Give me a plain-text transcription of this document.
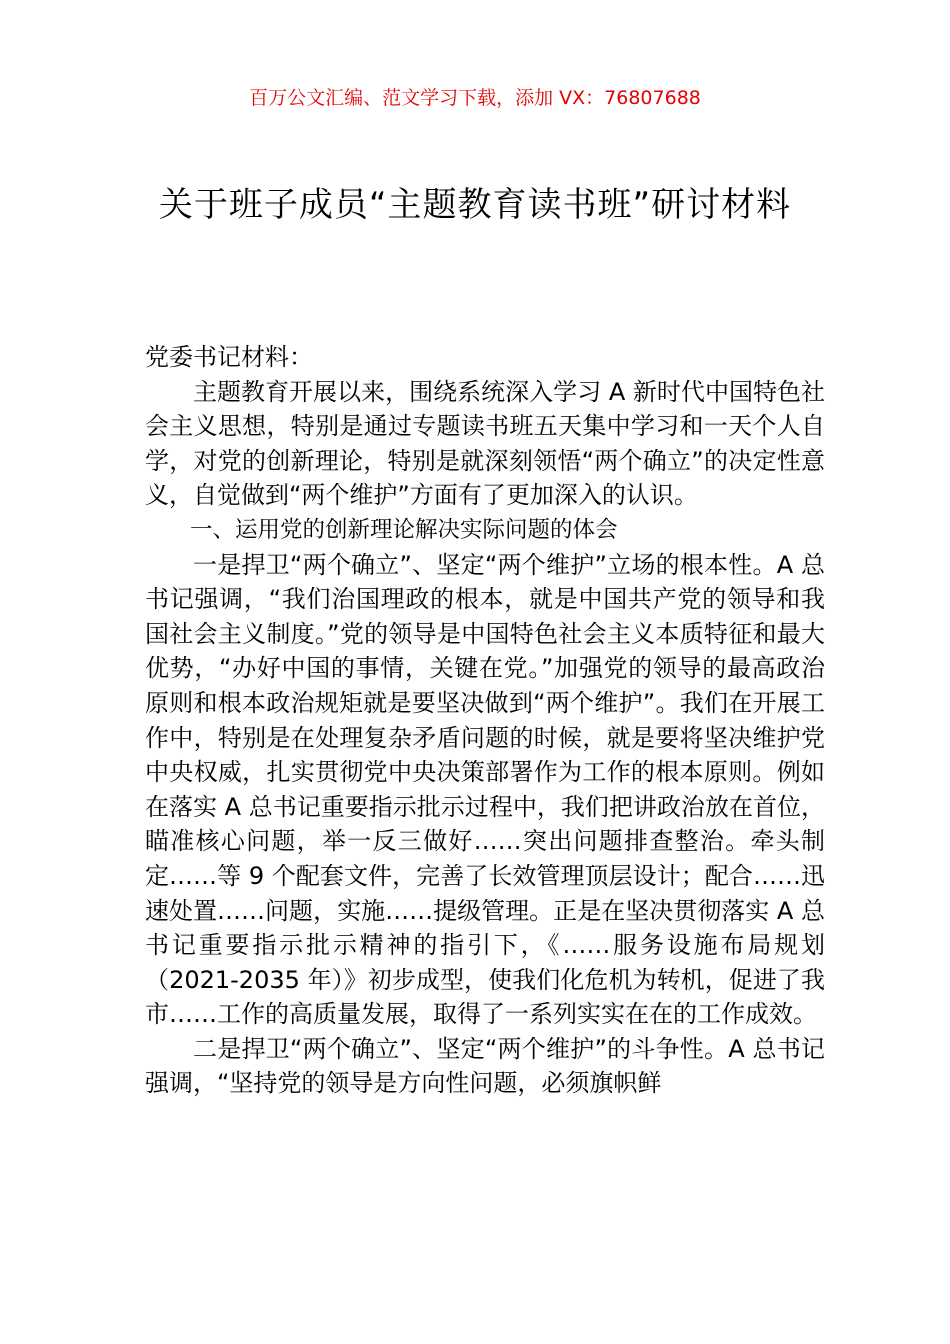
百万公文汇编、范文学习下载，添加 VX：76807688
关于班子成员“主题教育读书班”研讨材料

党委书记材料：

主题教育开展以来，围绕系统深入学习 A 新时代中国特色社会主义思想，特别是通过专题读书班五天集中学习和一天个人自学，对党的创新理论，特别是就深刻领悟“两个确立”的决定性意义，自觉做到“两个维护”方面有了更加深入的认识。

一、运用党的创新理论解决实际问题的体会

一是捍卫“两个确立”、坚定“两个维护”立场的根本性。A 总书记强调，“我们治国理政的根本，就是中国共产党的领导和我国社会主义制度。”党的领导是中国特色社会主义本质特征和最大优势，“办好中国的事情，关键在党。”加强党的领导的最高政治原则和根本政治规矩就是要坚决做到“两个维护”。我们在开展工作中，特别是在处理复杂矛盾问题的时候，就是要将坚决维护党中央权威，扎实贯彻党中央决策部署作为工作的根本原则。例如在落实 A 总书记重要指示批示过程中，我们把讲政治放在首位，瞄准核心问题，举一反三做好……突出问题排查整治。牵头制定……等 9 个配套文件，完善了长效管理顶层设计；配合……迅速处置……问题，实施……提级管理。正是在坚决贯彻落实 A 总书记重要指示批示精神的指引下，《……服务设施布局规划（2021-2035 年）》初步成型，使我们化危机为转机，促进了我市……工作的高质量发展，取得了一系列实实在在的工作成效。

二是捍卫“两个确立”、坚定“两个维护”的斗争性。A 总书记强调，“坚持党的领导是方向性问题，必须旗帜鲜
